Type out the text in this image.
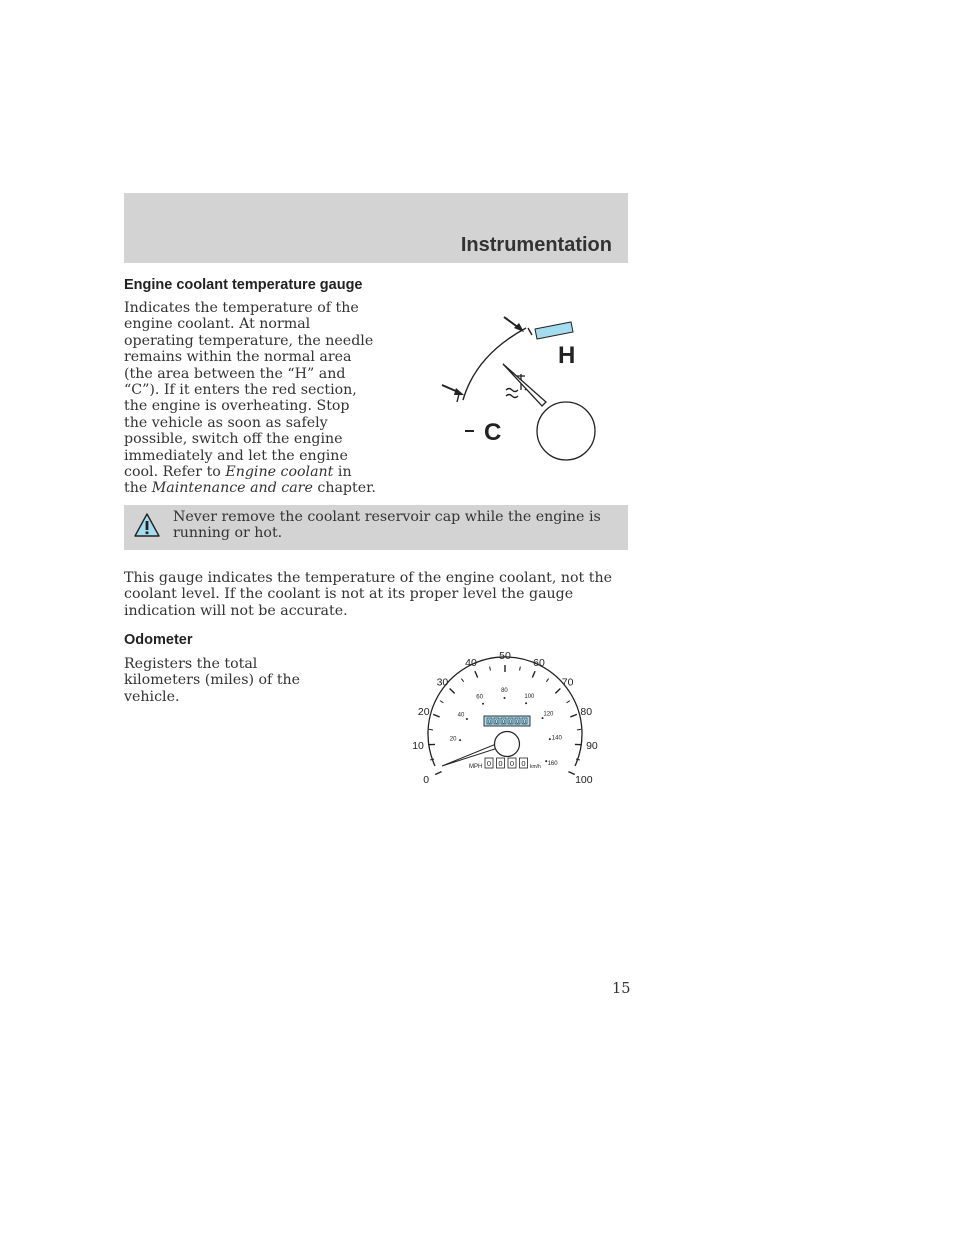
Instrumentation
Engine coolant temperature gauge
Indicates the temperature of the engine coolant. At normal operating temperature, the needle remains within the normal area (the area between the “H” and “C”). If it enters the red section, the engine is overheating. Stop the vehicle as soon as safely possible, switch off the engine immediately and let the engine cool. Refer to Engine coolant in the Maintenance and care chapter.
H
C
Never remove the coolant reservoir cap while the engine is running or hot.
This gauge indicates the temperature of the engine coolant, not the coolant level. If the coolant is not at its proper level the gauge indication will not be accurate.
Odometer
Registers the total kilometers (miles) of the vehicle.
0
10
20
30
40
50
60
70
80
90
100
20
40
60
80
100
120
140
160
0 0 0 0 0 0
MPH 0 0 0 0 km/h
15
